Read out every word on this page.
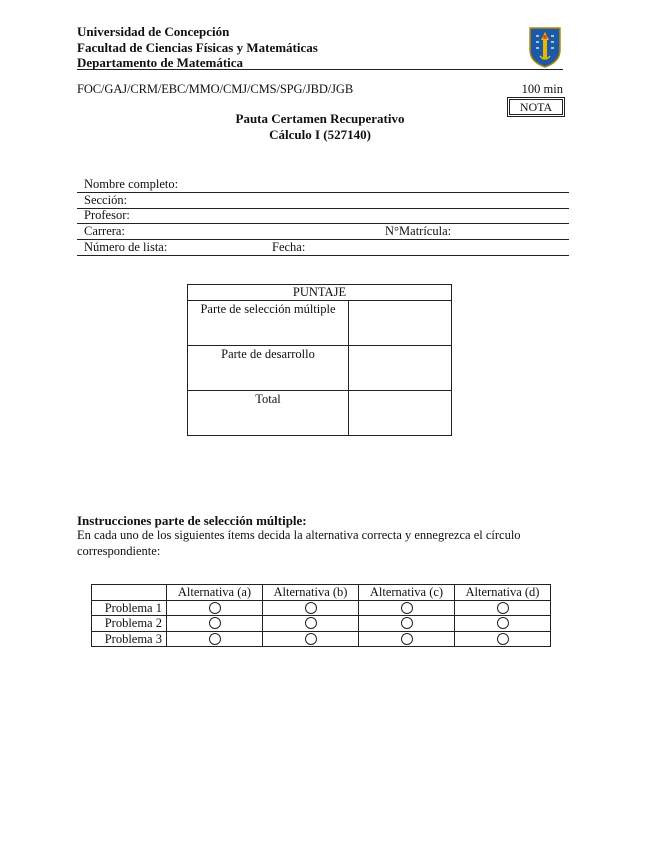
Universidad de Concepción
Facultad de Ciencias Físicas y Matemáticas
Departamento de Matemática
FOC/GAJ/CRM/EBC/MMO/CMJ/CMS/SPG/JBD/JGB	100 min
NOTA
Pauta Certamen Recuperativo
Cálculo I (527140)
Nombre completo:
Sección:
Profesor:
Carrera:	N°Matrícula:
Número de lista:	Fecha:
PUNTAJE	
Parte de selección múltiple	
Parte de desarrollo	
Total	
Instrucciones parte de selección múltiple:
En cada uno de los siguientes ítems decida la alternativa correcta y ennegrezca el círculo correspondiente:
	Alternativa (a)	Alternativa (b)	Alternativa (c)	Alternativa (d)
Problema 1				
Problema 2				
Problema 3				
